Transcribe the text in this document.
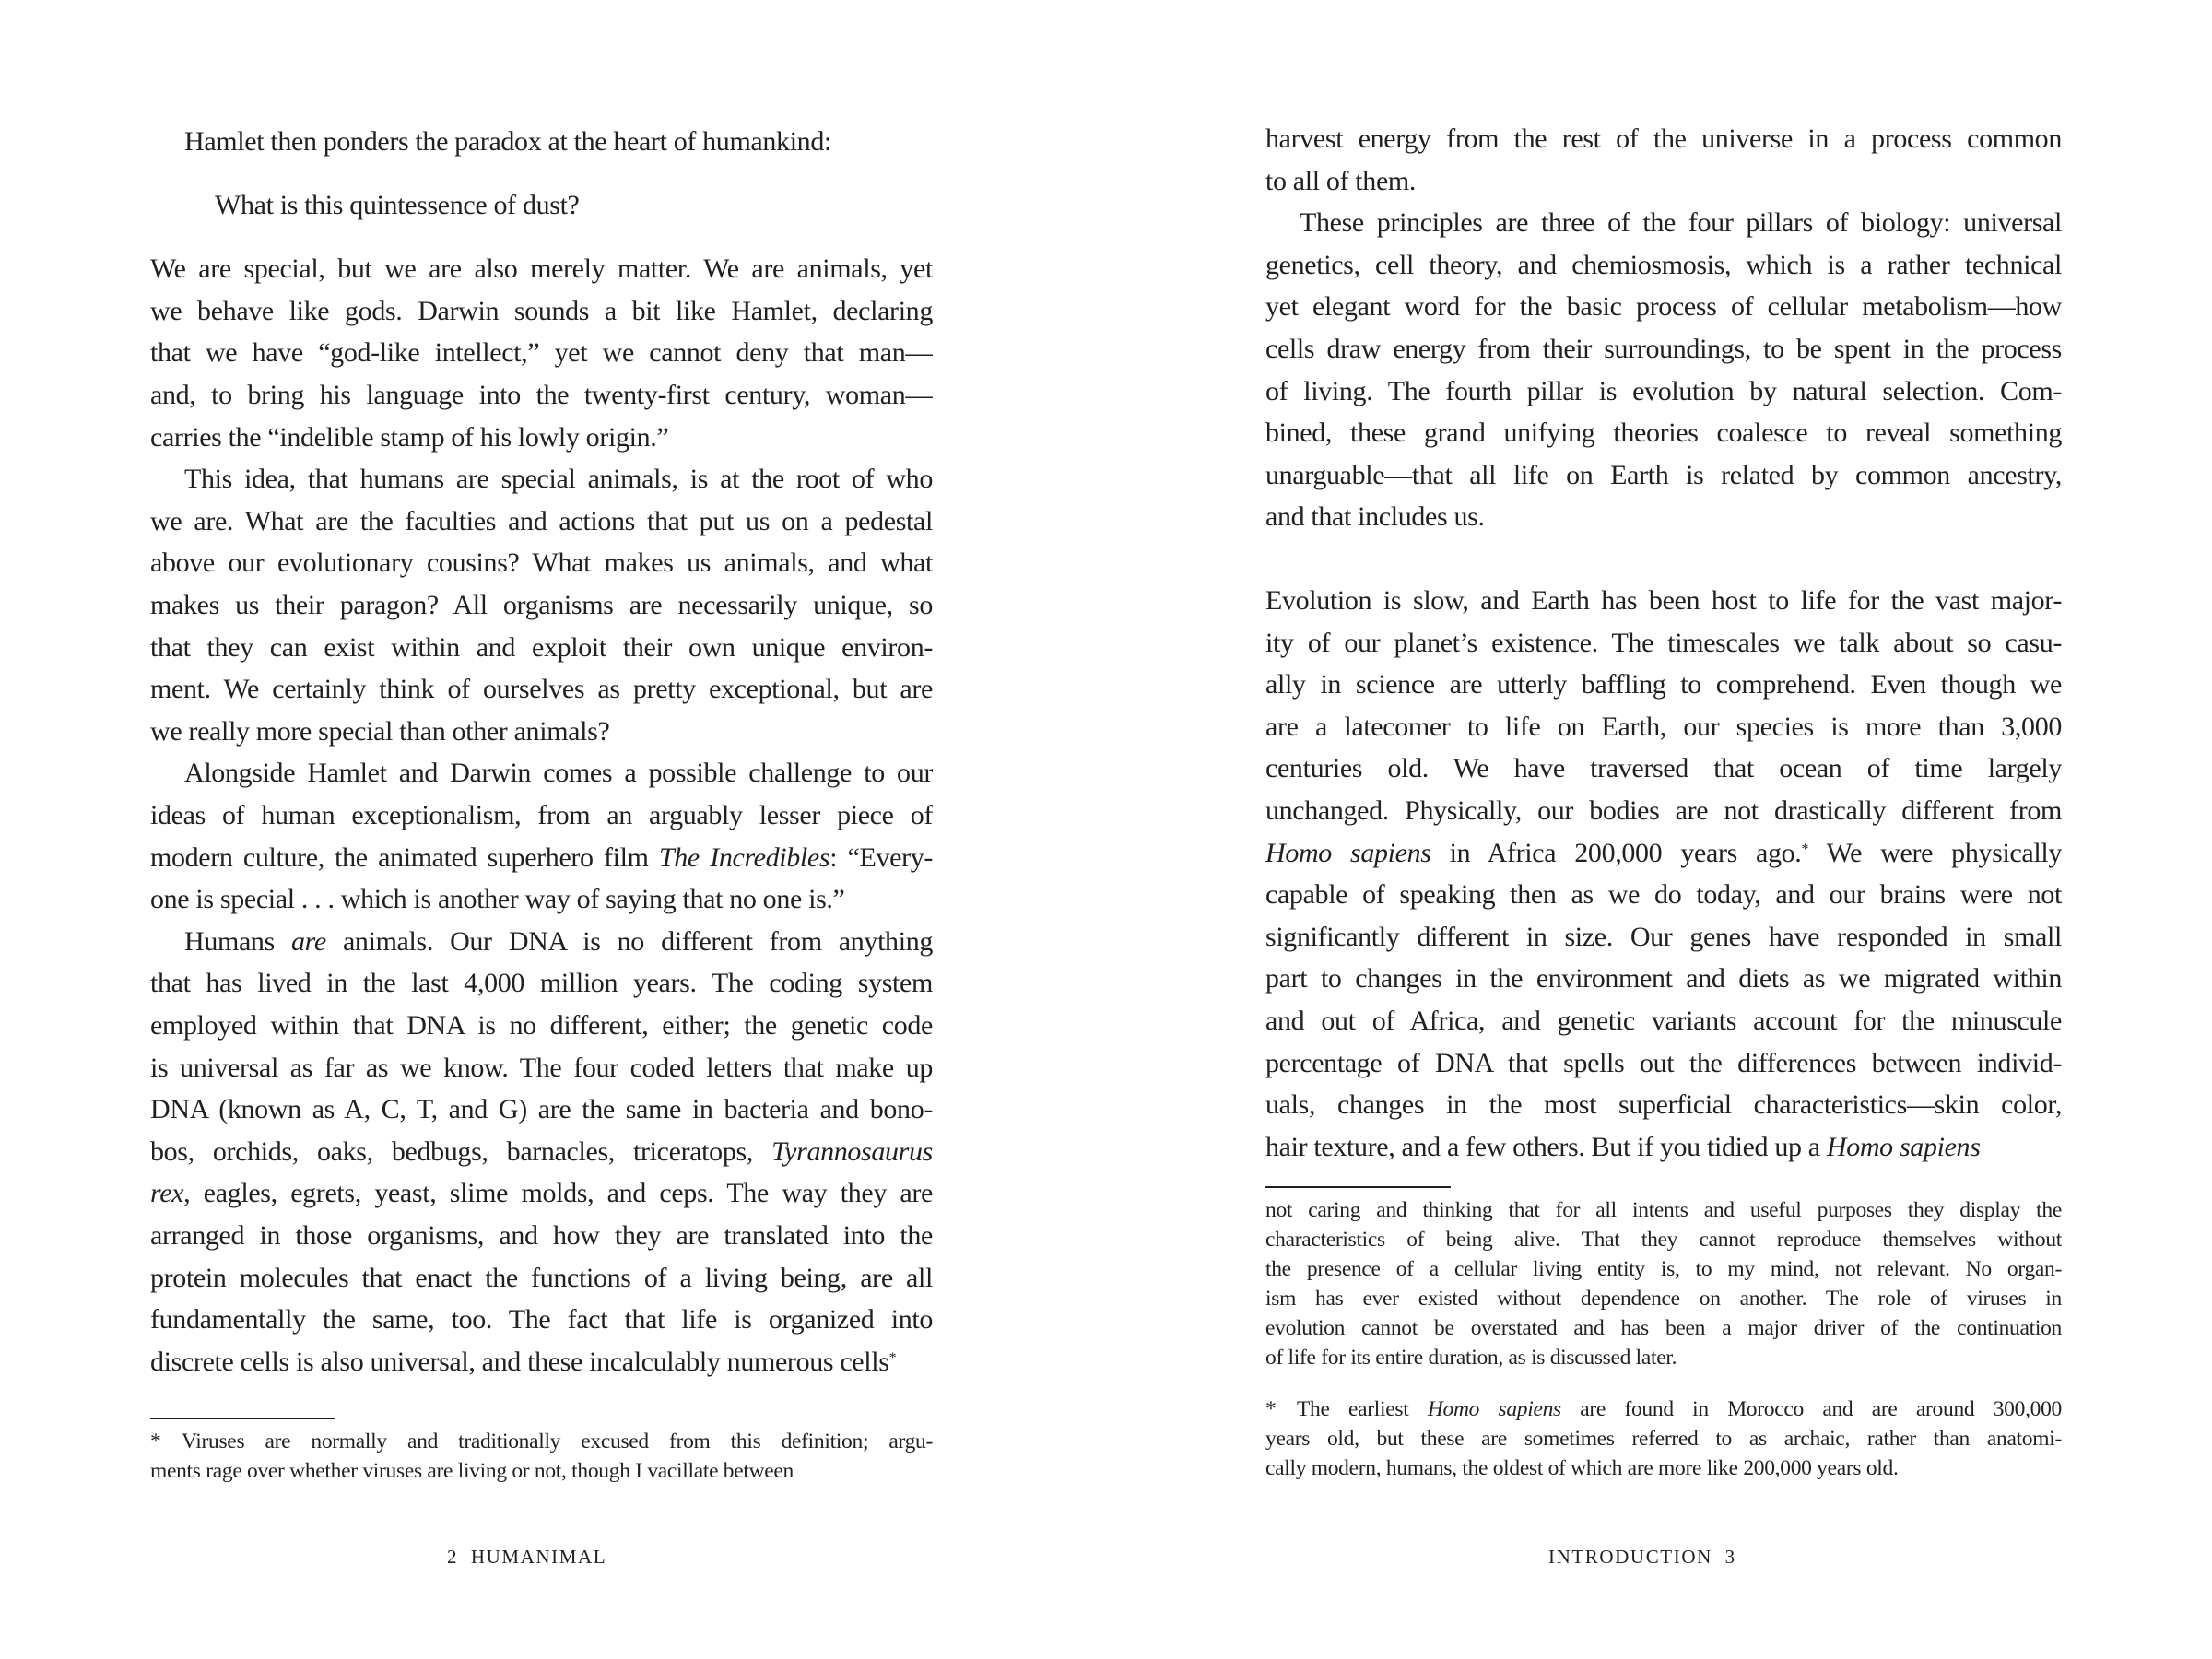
Hamlet then ponders the paradox at the heart of humankind:
What is this quintessence of dust?
We are special, but we are also merely matter. We are animals, yet
we behave like gods. Darwin sounds a bit like Hamlet, declaring
that we have “god-like intellect,” yet we cannot deny that man—
and, to bring his language into the twenty-first century, woman—
carries the “indelible stamp of his lowly origin.”
This idea, that humans are special animals, is at the root of who
we are. What are the faculties and actions that put us on a pedestal
above our evolutionary cousins? What makes us animals, and what
makes us their paragon? All organisms are necessarily unique, so
that they can exist within and exploit their own unique environ-
ment. We certainly think of ourselves as pretty exceptional, but are
we really more special than other animals?
Alongside Hamlet and Darwin comes a possible challenge to our
ideas of human exceptionalism, from an arguably lesser piece of
modern culture, the animated superhero film The Incredibles: “Every-
one is special . . . which is another way of saying that no one is.”
Humans are animals. Our DNA is no different from anything
that has lived in the last 4,000 million years. The coding system
employed within that DNA is no different, either; the genetic code
is universal as far as we know. The four coded letters that make up
DNA (known as A, C, T, and G) are the same in bacteria and bono-
bos, orchids, oaks, bedbugs, barnacles, triceratops, Tyrannosaurus
rex, eagles, egrets, yeast, slime molds, and ceps. The way they are
arranged in those organisms, and how they are translated into the
protein molecules that enact the functions of a living being, are all
fundamentally the same, too. The fact that life is organized into
discrete cells is also universal, and these incalculably numerous cells*
* Viruses are normally and traditionally excused from this definition; argu-
ments rage over whether viruses are living or not, though I vacillate between
2 HUMANIMAL
harvest energy from the rest of the universe in a process common
to all of them.
These principles are three of the four pillars of biology: universal
genetics, cell theory, and chemiosmosis, which is a rather technical
yet elegant word for the basic process of cellular metabolism—how
cells draw energy from their surroundings, to be spent in the process
of living. The fourth pillar is evolution by natural selection. Com-
bined, these grand unifying theories coalesce to reveal something
unarguable—that all life on Earth is related by common ancestry,
and that includes us.
Evolution is slow, and Earth has been host to life for the vast major-
ity of our planet’s existence. The timescales we talk about so casu-
ally in science are utterly baffling to comprehend. Even though we
are a latecomer to life on Earth, our species is more than 3,000
centuries old. We have traversed that ocean of time largely
unchanged. Physically, our bodies are not drastically different from
Homo sapiens in Africa 200,000 years ago.* We were physically
capable of speaking then as we do today, and our brains were not
significantly different in size. Our genes have responded in small
part to changes in the environment and diets as we migrated within
and out of Africa, and genetic variants account for the minuscule
percentage of DNA that spells out the differences between individ-
uals, changes in the most superficial characteristics—skin color,
hair texture, and a few others. But if you tidied up a Homo sapiens
not caring and thinking that for all intents and useful purposes they display the
characteristics of being alive. That they cannot reproduce themselves without
the presence of a cellular living entity is, to my mind, not relevant. No organ-
ism has ever existed without dependence on another. The role of viruses in
evolution cannot be overstated and has been a major driver of the continuation
of life for its entire duration, as is discussed later.
* The earliest Homo sapiens are found in Morocco and are around 300,000
years old, but these are sometimes referred to as archaic, rather than anatomi-
cally modern, humans, the oldest of which are more like 200,000 years old.
INTRODUCTION 3
